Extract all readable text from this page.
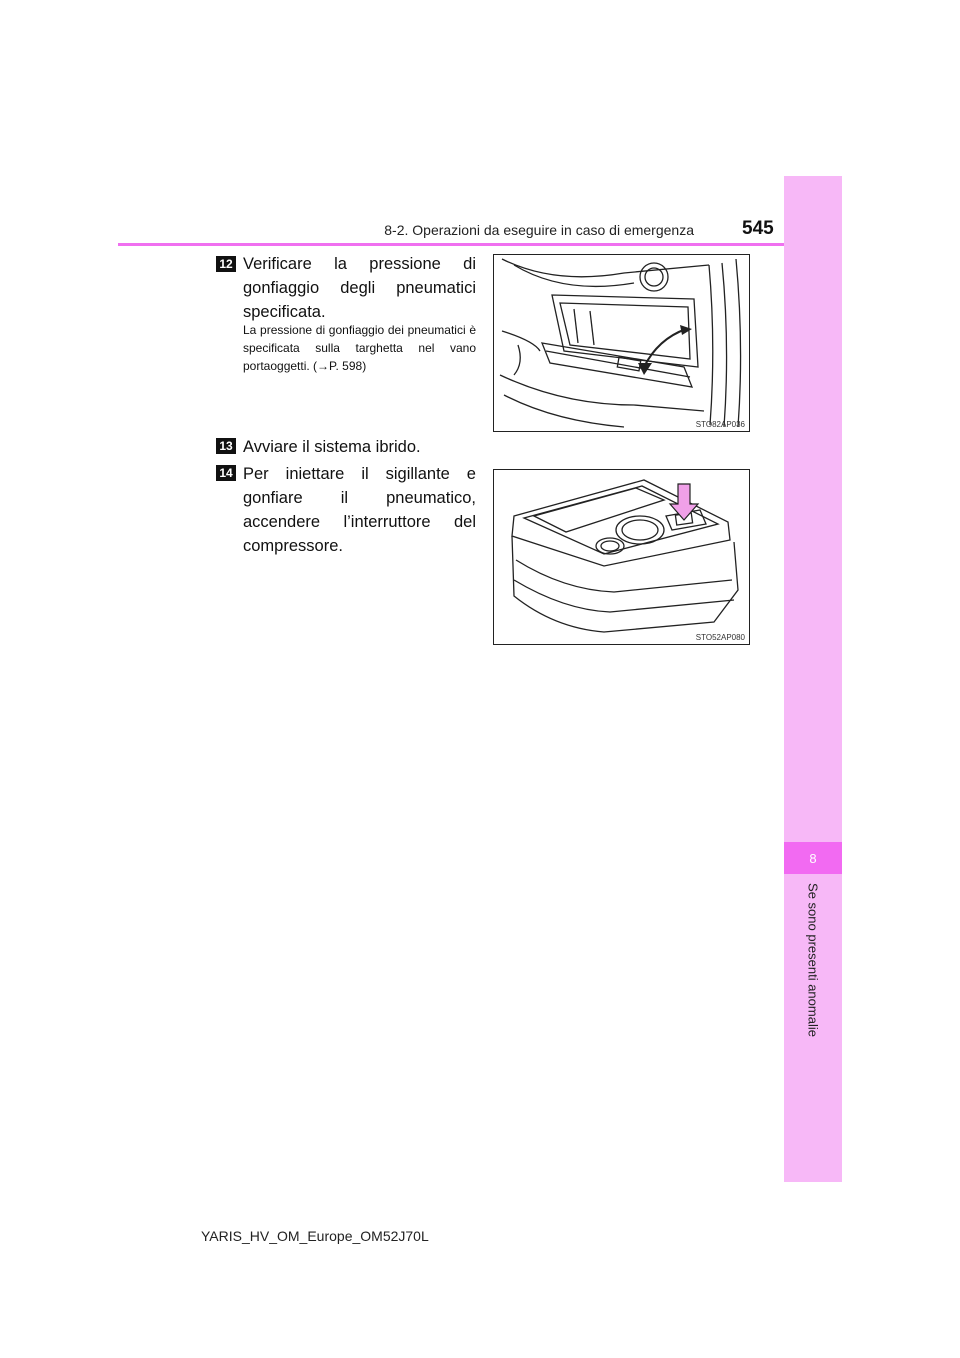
8
Se sono presenti anomalie
8-2. Operazioni da eseguire in caso di emergenza	545
12 Verificare la pressione di gonfiaggio degli pneumatici specificata.
La pressione di gonfiaggio dei pneumatici è specificata sulla targhetta nel vano portaoggetti. (→P. 598)
STO82AP036
13 Avviare il sistema ibrido.
14 Per iniettare il sigillante e gonfiare il pneumatico, accendere l’interruttore del compressore.
STO52AP080
YARIS_HV_OM_Europe_OM52J70L
